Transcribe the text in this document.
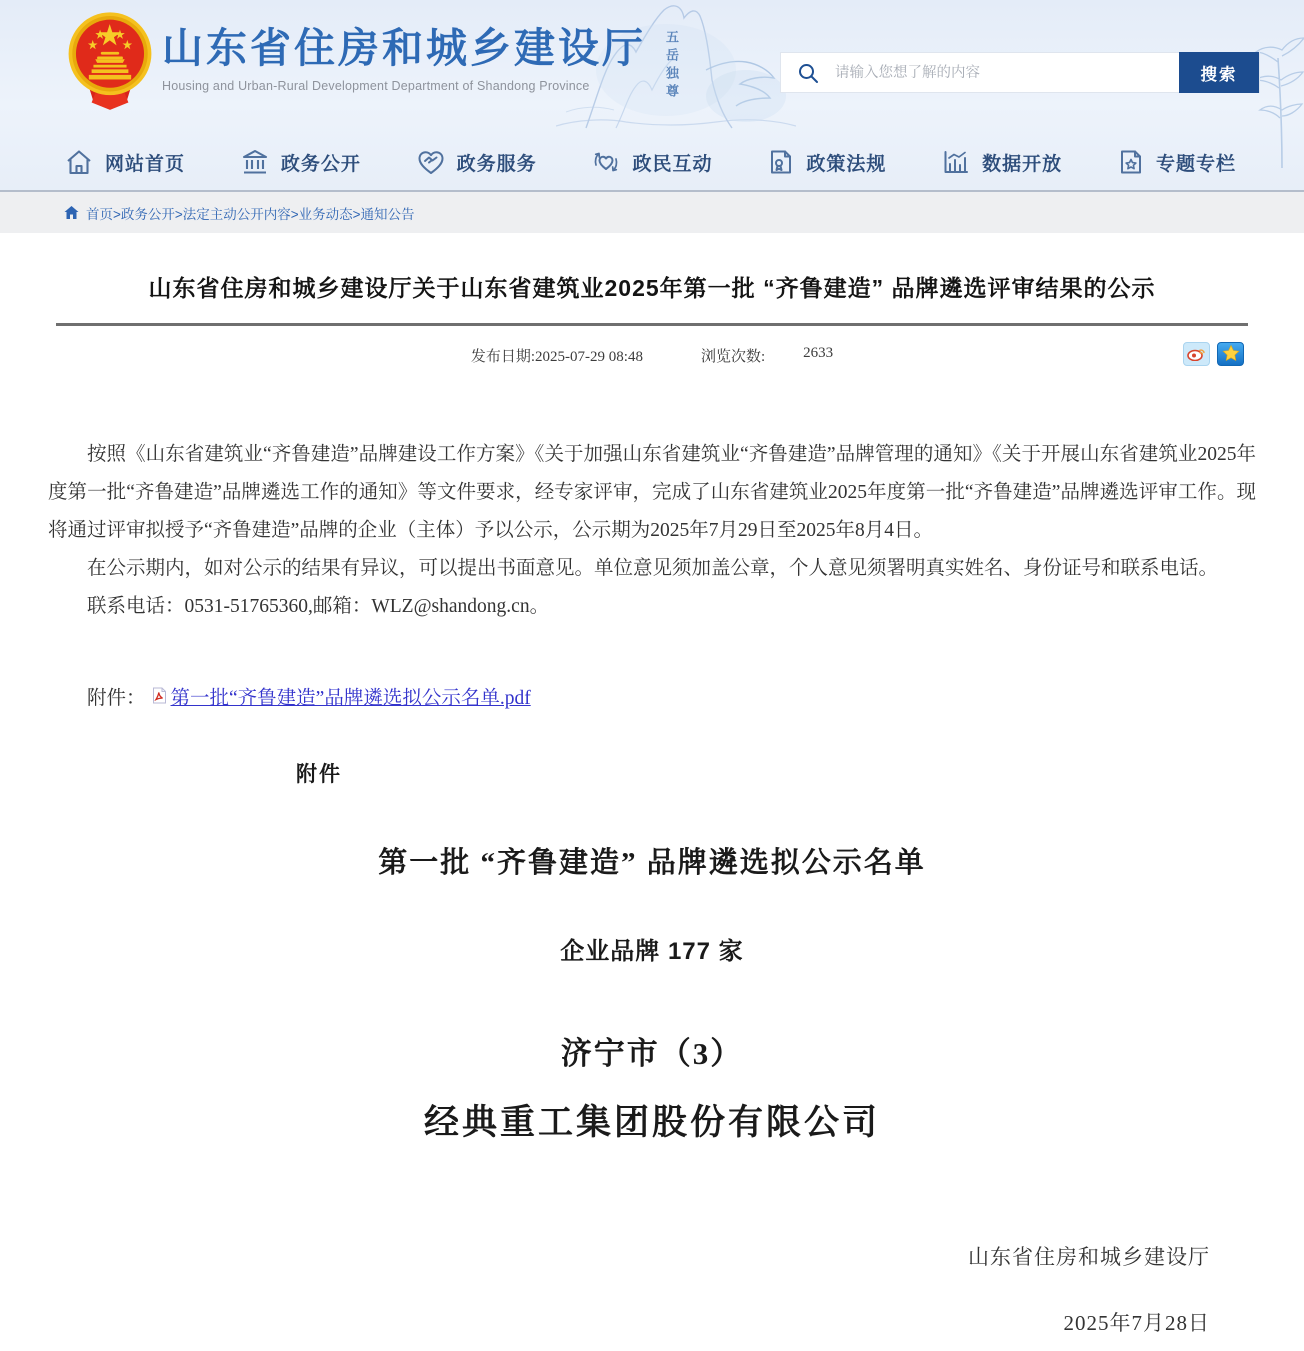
五岳独尊
山东省住房和城乡建设厅
Housing and Urban-Rural Development Department of Shandong Province
请输入您想了解的内容
搜索
网站首页	政务公开	政务服务	政民互动	政策法规	数据开放	专题专栏
首页>政务公开>法定主动公开内容>业务动态>通知公告
山东省住房和城乡建设厅关于山东省建筑业2025年第一批 “齐鲁建造” 品牌遴选评审结果的公示
发布日期:2025-07-29 08:48	浏览次数:	2633

按照《山东省建筑业“齐鲁建造”品牌建设工作方案》《关于加强山东省建筑业“齐鲁建造”品牌管理的通知》《关于开展山东省建筑业2025年度第一批“齐鲁建造”品牌遴选工作的通知》等文件要求，经专家评审，完成了山东省建筑业2025年度第一批“齐鲁建造”品牌遴选评审工作。现将通过评审拟授予“齐鲁建造”品牌的企业（主体）予以公示，公示期为2025年7月29日至2025年8月4日。

在公示期内，如对公示的结果有异议，可以提出书面意见。单位意见须加盖公章，个人意见须署明真实姓名、身份证号和联系电话。

联系电话：0531-51765360,邮箱：WLZ@shandong.cn。

附件： 第一批“齐鲁建造”品牌遴选拟公示名单.pdf
附件
第一批 “齐鲁建造” 品牌遴选拟公示名单
企业品牌 177 家
济宁市（3）
经典重工集团股份有限公司
山东省住房和城乡建设厅
2025年7月28日
